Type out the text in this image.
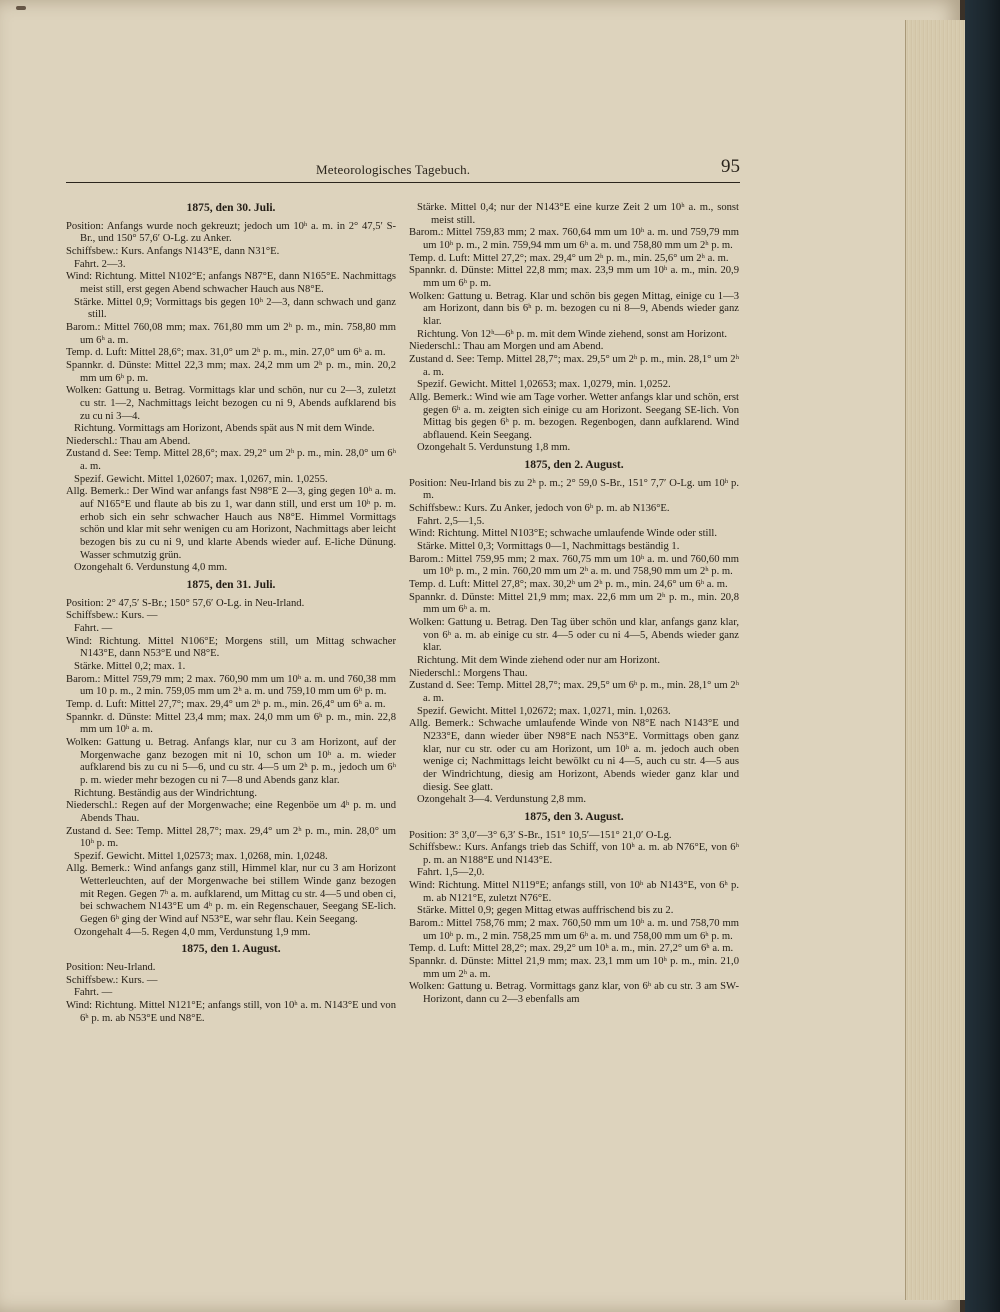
Meteorologisches Tagebuch.	95
1875, den 30. Juli.

Position: Anfangs wurde noch gekreuzt; jedoch um 10ʰ a. m. in 2° 47,5′ S-Br., und 150° 57,6′ O-Lg. zu Anker.

Schiffsbew.: Kurs. Anfangs N143°E, dann N31°E.

Fahrt. 2—3.

Wind: Richtung. Mittel N102°E; anfangs N87°E, dann N165°E. Nachmittags meist still, erst gegen Abend schwacher Hauch aus N8°E.

Stärke. Mittel 0,9; Vormittags bis gegen 10ʰ 2—3, dann schwach und ganz still.

Barom.: Mittel 760,08 mm; max. 761,80 mm um 2ʰ p. m., min. 758,80 mm um 6ʰ a. m.

Temp. d. Luft: Mittel 28,6°; max. 31,0° um 2ʰ p. m., min. 27,0° um 6ʰ a. m.

Spannkr. d. Dünste: Mittel 22,3 mm; max. 24,2 mm um 2ʰ p. m., min. 20,2 mm um 6ʰ p. m.

Wolken: Gattung u. Betrag. Vormittags klar und schön, nur cu 2—3, zuletzt cu str. 1—2, Nachmittags leicht bezogen cu ni 9, Abends aufklarend bis zu cu ni 3—4.

Richtung. Vormittags am Horizont, Abends spät aus N mit dem Winde.

Niederschl.: Thau am Abend.

Zustand d. See: Temp. Mittel 28,6°; max. 29,2° um 2ʰ p. m., min. 28,0° um 6ʰ a. m.

Spezif. Gewicht. Mittel 1,02607; max. 1,0267, min. 1,0255.

Allg. Bemerk.: Der Wind war anfangs fast N98°E 2—3, ging gegen 10ʰ a. m. auf N165°E und flaute ab bis zu 1, war dann still, und erst um 10ʰ p. m. erhob sich ein sehr schwacher Hauch aus N8°E. Himmel Vormittags schön und klar mit sehr wenigen cu am Horizont, Nachmittags aber leicht bezogen bis zu cu ni 9, und klarte Abends wieder auf. E-liche Dünung. Wasser schmutzig grün.

Ozongehalt 6. Verdunstung 4,0 mm.

1875, den 31. Juli.

Position: 2° 47,5′ S-Br.; 150° 57,6′ O-Lg. in Neu-Irland.

Schiffsbew.: Kurs. —

Fahrt. —

Wind: Richtung. Mittel N106°E; Morgens still, um Mittag schwacher N143°E, dann N53°E und N8°E.

Stärke. Mittel 0,2; max. 1.

Barom.: Mittel 759,79 mm; 2 max. 760,90 mm um 10ʰ a. m. und 760,38 mm um 10 p. m., 2 min. 759,05 mm um 2ʰ a. m. und 759,10 mm um 6ʰ p. m.

Temp. d. Luft: Mittel 27,7°; max. 29,4° um 2ʰ p. m., min. 26,4° um 6ʰ a. m.

Spannkr. d. Dünste: Mittel 23,4 mm; max. 24,0 mm um 6ʰ p. m., min. 22,8 mm um 10ʰ a. m.

Wolken: Gattung u. Betrag. Anfangs klar, nur cu 3 am Horizont, auf der Morgenwache ganz bezogen mit ni 10, schon um 10ʰ a. m. wieder aufklarend bis zu cu ni 5—6, und cu str. 4—5 um 2ʰ p. m., jedoch um 6ʰ p. m. wieder mehr bezogen cu ni 7—8 und Abends ganz klar.

Richtung. Beständig aus der Windrichtung.

Niederschl.: Regen auf der Morgenwache; eine Regenböe um 4ʰ p. m. und Abends Thau.

Zustand d. See: Temp. Mittel 28,7°; max. 29,4° um 2ʰ p. m., min. 28,0° um 10ʰ p. m.

Spezif. Gewicht. Mittel 1,02573; max. 1,0268, min. 1,0248.

Allg. Bemerk.: Wind anfangs ganz still, Himmel klar, nur cu 3 am Horizont Wetterleuchten, auf der Morgenwache bei stillem Winde ganz bezogen mit Regen. Gegen 7ʰ a. m. aufklarend, um Mittag cu str. 4—5 und oben ci, bei schwachem N143°E um 4ʰ p. m. ein Regenschauer, Seegang SE-lich. Gegen 6ʰ ging der Wind auf N53°E, war sehr flau. Kein Seegang.

Ozongehalt 4—5. Regen 4,0 mm, Verdunstung 1,9 mm.

1875, den 1. August.

Position: Neu-Irland.

Schiffsbew.: Kurs. —

Fahrt. —

Wind: Richtung. Mittel N121°E; anfangs still, von 10ʰ a. m. N143°E und von 6ʰ p. m. ab N53°E und N8°E.

Stärke. Mittel 0,4; nur der N143°E eine kurze Zeit 2 um 10ʰ a. m., sonst meist still.

Barom.: Mittel 759,83 mm; 2 max. 760,64 mm um 10ʰ a. m. und 759,79 mm um 10ʰ p. m., 2 min. 759,94 mm um 6ʰ a. m. und 758,80 mm um 2ʰ p. m.

Temp. d. Luft: Mittel 27,2°; max. 29,4° um 2ʰ p. m., min. 25,6° um 2ʰ a. m.

Spannkr. d. Dünste: Mittel 22,8 mm; max. 23,9 mm um 10ʰ a. m., min. 20,9 mm um 6ʰ p. m.

Wolken: Gattung u. Betrag. Klar und schön bis gegen Mittag, einige cu 1—3 am Horizont, dann bis 6ʰ p. m. bezogen cu ni 8—9, Abends wieder ganz klar.

Richtung. Von 12ʰ—6ʰ p. m. mit dem Winde ziehend, sonst am Horizont.

Niederschl.: Thau am Morgen und am Abend.

Zustand d. See: Temp. Mittel 28,7°; max. 29,5° um 2ʰ p. m., min. 28,1° um 2ʰ a. m.

Spezif. Gewicht. Mittel 1,02653; max. 1,0279, min. 1,0252.

Allg. Bemerk.: Wind wie am Tage vorher. Wetter anfangs klar und schön, erst gegen 6ʰ a. m. zeigten sich einige cu am Horizont. Seegang SE-lich. Von Mittag bis gegen 6ʰ p. m. bezogen. Regenbogen, dann aufklarend. Wind abflauend. Kein Seegang.

Ozongehalt 5. Verdunstung 1,8 mm.

1875, den 2. August.

Position: Neu-Irland bis zu 2ʰ p. m.; 2° 59,0 S-Br., 151° 7,7′ O-Lg. um 10ʰ p. m.

Schiffsbew.: Kurs. Zu Anker, jedoch von 6ʰ p. m. ab N136°E.

Fahrt. 2,5—1,5.

Wind: Richtung. Mittel N103°E; schwache umlaufende Winde oder still.

Stärke. Mittel 0,3; Vormittags 0—1, Nachmittags beständig 1.

Barom.: Mittel 759,95 mm; 2 max. 760,75 mm um 10ʰ a. m. und 760,60 mm um 10ʰ p. m., 2 min. 760,20 mm um 2ʰ a. m. und 758,90 mm um 2ʰ p. m.

Temp. d. Luft: Mittel 27,8°; max. 30,2ʰ um 2ʰ p. m., min. 24,6° um 6ʰ a. m.

Spannkr. d. Dünste: Mittel 21,9 mm; max. 22,6 mm um 2ʰ p. m., min. 20,8 mm um 6ʰ a. m.

Wolken: Gattung u. Betrag. Den Tag über schön und klar, anfangs ganz klar, von 6ʰ a. m. ab einige cu str. 4—5 oder cu ni 4—5, Abends wieder ganz klar.

Richtung. Mit dem Winde ziehend oder nur am Horizont.

Niederschl.: Morgens Thau.

Zustand d. See: Temp. Mittel 28,7°; max. 29,5° um 6ʰ p. m., min. 28,1° um 2ʰ a. m.

Spezif. Gewicht. Mittel 1,02672; max. 1,0271, min. 1,0263.

Allg. Bemerk.: Schwache umlaufende Winde von N8°E nach N143°E und N233°E, dann wieder über N98°E nach N53°E. Vormittags oben ganz klar, nur cu str. oder cu am Horizont, um 10ʰ a. m. jedoch auch oben wenige ci; Nachmittags leicht bewölkt cu ni 4—5, auch cu str. 4—5 aus der Windrichtung, diesig am Horizont, Abends wieder ganz klar und diesig. See glatt.

Ozongehalt 3—4. Verdunstung 2,8 mm.

1875, den 3. August.

Position: 3° 3,0′—3° 6,3′ S-Br., 151° 10,5′—151° 21,0′ O-Lg.

Schiffsbew.: Kurs. Anfangs trieb das Schiff, von 10ʰ a. m. ab N76°E, von 6ʰ p. m. an N188°E und N143°E.

Fahrt. 1,5—2,0.

Wind: Richtung. Mittel N119°E; anfangs still, von 10ʰ ab N143°E, von 6ʰ p. m. ab N121°E, zuletzt N76°E.

Stärke. Mittel 0,9; gegen Mittag etwas auffrischend bis zu 2.

Barom.: Mittel 758,76 mm; 2 max. 760,50 mm um 10ʰ a. m. und 758,70 mm um 10ʰ p. m., 2 min. 758,25 mm um 6ʰ a. m. und 758,00 mm um 6ʰ p. m.

Temp. d. Luft: Mittel 28,2°; max. 29,2° um 10ʰ a. m., min. 27,2° um 6ʰ a. m.

Spannkr. d. Dünste: Mittel 21,9 mm; max. 23,1 mm um 10ʰ p. m., min. 21,0 mm um 2ʰ a. m.

Wolken: Gattung u. Betrag. Vormittags ganz klar, von 6ʰ ab cu str. 3 am SW-Horizont, dann cu 2—3 ebenfalls am
